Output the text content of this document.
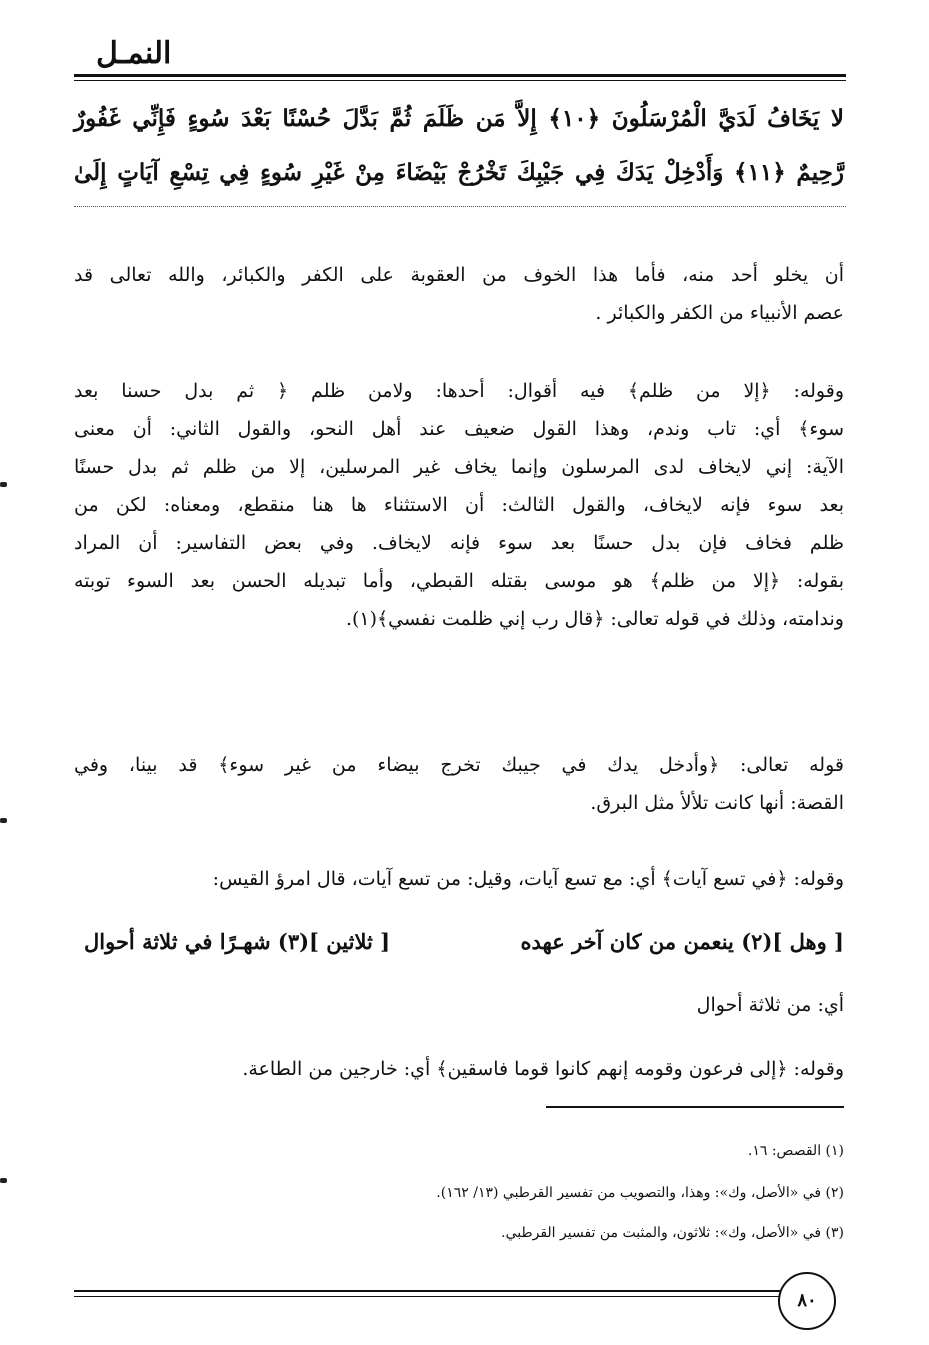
النمـل
لا يَخَافُ لَدَيَّ الْمُرْسَلُونَ ﴿١٠﴾ إِلاَّ مَن ظَلَمَ ثُمَّ بَدَّلَ حُسْنًا بَعْدَ سُوءٍ فَإِنِّي غَفُورٌ
رَّحِيمٌ ﴿١١﴾ وَأَدْخِلْ يَدَكَ فِي جَيْبِكَ تَخْرُجْ بَيْضَاءَ مِنْ غَيْرِ سُوءٍ فِي تِسْعِ آيَاتٍ إِلَىٰ
أن يخلو أحد منه، فأما هذا الخوف من العقوبة على الكفر والكبائر، والله تعالى قد
عصم الأنبياء من الكفر والكبائر .
وقوله: ﴿إلا من ظلم﴾ فيه أقوال: أحدها: ولامن ظلم ﴿ ثم بدل حسنا بعد
سوء﴾ أي: تاب وندم، وهذا القول ضعيف عند أهل النحو، والقول الثاني: أن معنى
الآية: إني لايخاف لدى المرسلون وإنما يخاف غير المرسلين، إلا من ظلم ثم بدل حسنًا
بعد سوء فإنه لايخاف، والقول الثالث: أن الاستثناء ها هنا منقطع، ومعناه: لكن من
ظلم فخاف فإن بدل حسنًا بعد سوء فإنه لايخاف. وفي بعض التفاسير: أن المراد
بقوله: ﴿إلا من ظلم﴾ هو موسى بقتله القبطي، وأما تبديله الحسن بعد السوء توبته
وندامته، وذلك في قوله تعالى: ﴿قال رب إني ظلمت نفسي﴾(١).
قوله تعالى: ﴿وأدخل يدك في جيبك تخرج بيضاء من غير سوء﴾ قد بينا، وفي
القصة: أنها كانت تلألأ مثل البرق.
وقوله: ﴿في تسع آيات﴾ أي: مع تسع آيات، وقيل: من تسع آيات، قال امرؤ القيس:
[ وهل ](٢) ينعمن من كان آخر عهده
[ ثلاثين ](٣) شهـرًا في ثلاثة أحوال
أي: من ثلاثة أحوال
وقوله: ﴿إلى فرعون وقومه إنهم كانوا قوما فاسقين﴾ أي: خارجين من الطاعة.
(١) القصص: ١٦.
(٢) في «الأصل، وك»: وهذا، والتصويب من تفسير القرطبي (١٣/ ١٦٢).
(٣) في «الأصل، وك»: ثلاثون، والمثبت من تفسير القرطبي.
٨٠
